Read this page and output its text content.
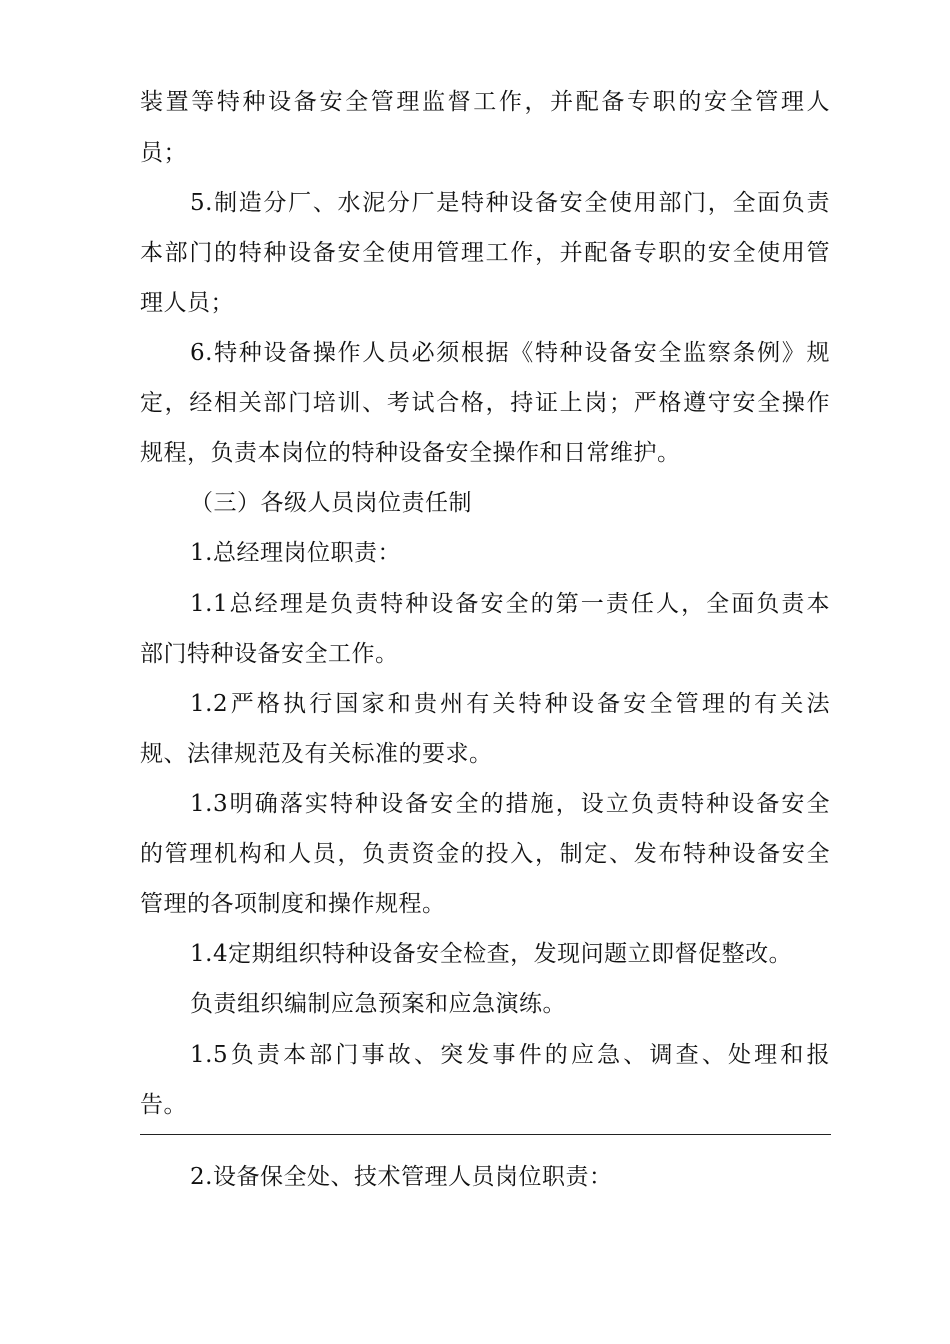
装置等特种设备安全管理监督工作，并配备专职的安全管理人
员；
5.制造分厂、水泥分厂是特种设备安全使用部门，全面负责
本部门的特种设备安全使用管理工作，并配备专职的安全使用管
理人员；
6.特种设备操作人员必须根据《特种设备安全监察条例》规
定，经相关部门培训、考试合格，持证上岗；严格遵守安全操作
规程，负责本岗位的特种设备安全操作和日常维护。
（三）各级人员岗位责任制
1.总经理岗位职责：
1.1总经理是负责特种设备安全的第一责任人，全面负责本
部门特种设备安全工作。
1.2严格执行国家和贵州有关特种设备安全管理的有关法
规、法律规范及有关标准的要求。
1.3明确落实特种设备安全的措施，设立负责特种设备安全
的管理机构和人员，负责资金的投入，制定、发布特种设备安全
管理的各项制度和操作规程。
1.4定期组织特种设备安全检查，发现问题立即督促整改。
负责组织编制应急预案和应急演练。
1.5负责本部门事故、突发事件的应急、调查、处理和报
告。
2.设备保全处、技术管理人员岗位职责：
